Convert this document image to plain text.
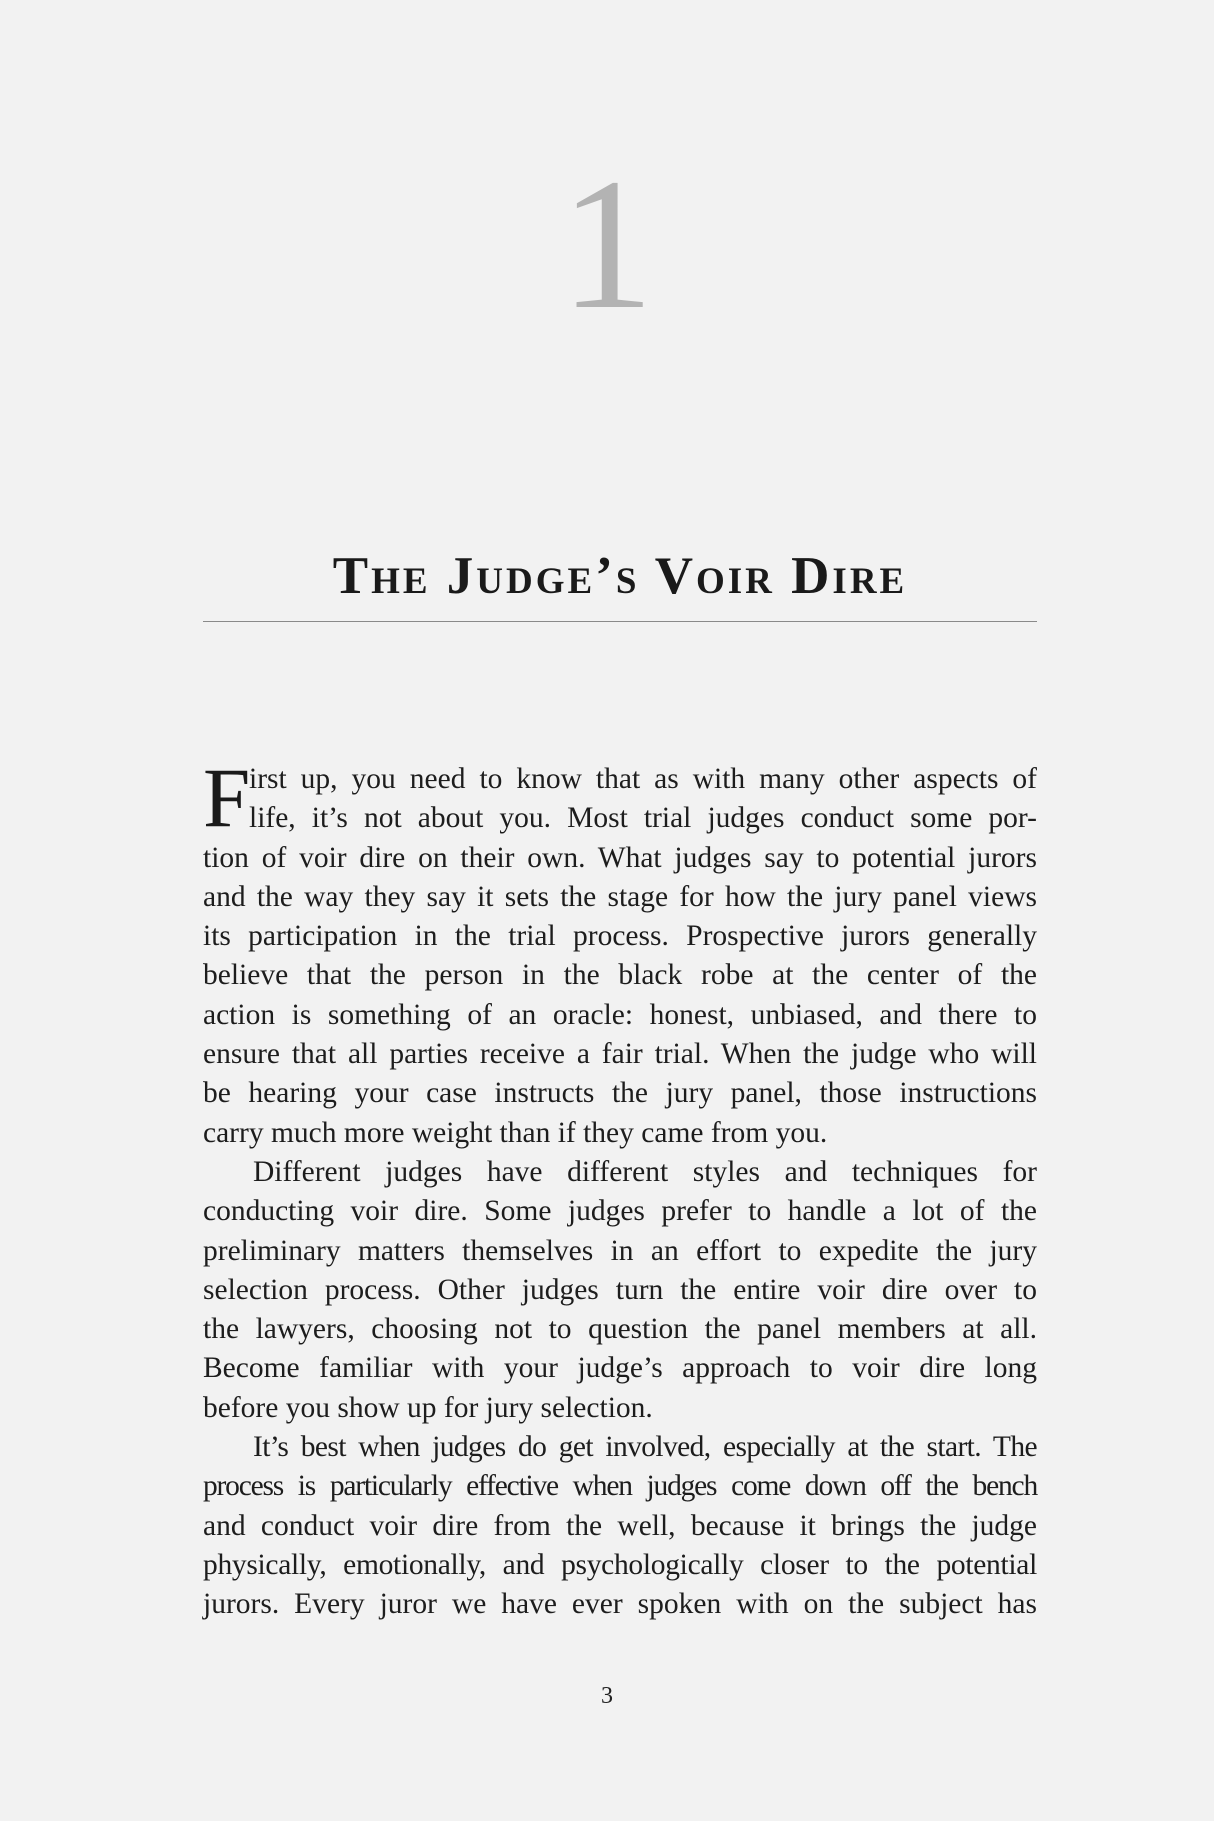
1
The Judge’s Voir Dire
F
irst up, you need to know that as with many other aspects of
life, it’s not about you. Most trial judges conduct some por-
tion of voir dire on their own. What judges say to potential jurors
and the way they say it sets the stage for how the jury panel views
its participation in the trial process. Prospective jurors generally
believe that the person in the black robe at the center of the
action is something of an oracle: honest, unbiased, and there to
ensure that all parties receive a fair trial. When the judge who will
be hearing your case instructs the jury panel, those instructions
carry much more weight than if they came from you.
Different judges have different styles and techniques for
conducting voir dire. Some judges prefer to handle a lot of the
preliminary matters themselves in an effort to expedite the jury
selection process. Other judges turn the entire voir dire over to
the lawyers, choosing not to question the panel members at all.
Become familiar with your judge’s approach to voir dire long
before you show up for jury selection.
It’s best when judges do get involved, especially at the start. The
process is particularly effective when judges come down off the bench
and conduct voir dire from the well, because it brings the judge
physically, emotionally, and psychologically closer to the potential
jurors. Every juror we have ever spoken with on the subject has
3
